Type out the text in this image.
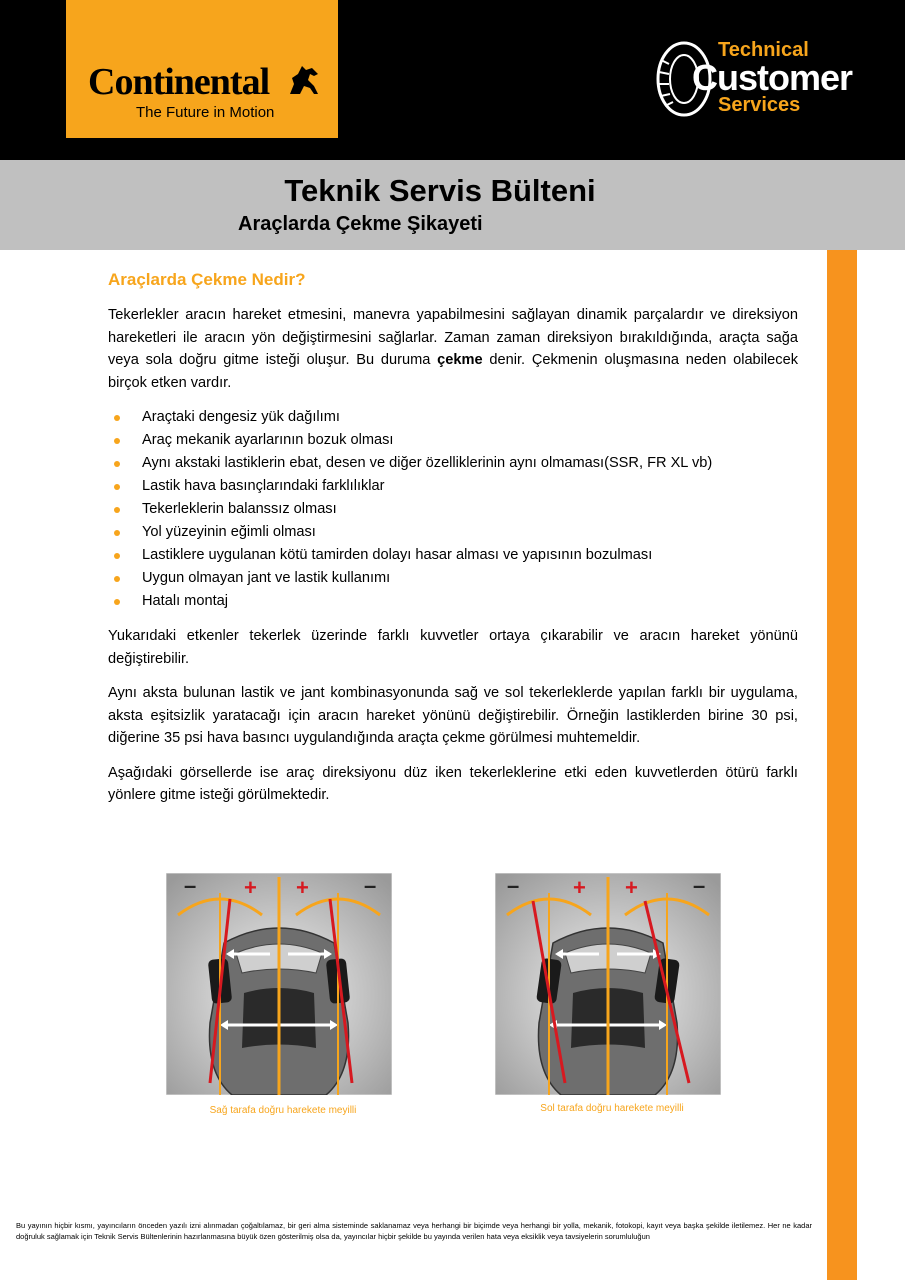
Continental
The Future in Motion
Technical
Customer
Services
Teknik Servis Bülteni
Araçlarda Çekme Şikayeti
Araçlarda Çekme Nedir?

Tekerlekler aracın hareket etmesini, manevra yapabilmesini sağlayan dinamik parçalardır ve direksiyon hareketleri ile aracın yön değiştirmesini sağlarlar. Zaman zaman direksiyon bırakıldığında, araçta sağa veya sola doğru gitme isteği oluşur. Bu duruma çekme denir. Çekmenin oluşmasına neden olabilecek birçok etken vardır.

Araçtaki dengesiz yük dağılımı
Araç mekanik ayarlarının bozuk olması
Aynı akstaki lastiklerin ebat, desen ve diğer özelliklerinin aynı olmaması(SSR, FR XL vb)
Lastik hava basınçlarındaki farklılıklar
Tekerleklerin balanssız olması
Yol yüzeyinin eğimli olması
Lastiklere uygulanan kötü tamirden dolayı hasar alması ve yapısının bozulması
Uygun olmayan jant ve lastik kullanımı
Hatalı montaj

Yukarıdaki etkenler tekerlek üzerinde farklı kuvvetler ortaya çıkarabilir ve aracın hareket yönünü değiştirebilir.

Aynı aksta bulunan lastik ve jant kombinasyonunda sağ ve sol tekerleklerde yapılan farklı bir uygulama, aksta eşitsizlik yaratacağı için aracın hareket yönünü değiştirebilir. Örneğin lastiklerden birine 30 psi, diğerine 35 psi hava basıncı uygulandığında araçta çekme görülmesi muhtemeldir.

Aşağıdaki görsellerde ise araç direksiyonu düz iken tekerleklerine etki eden kuvvetlerden ötürü farklı yönlere gitme isteği görülmektedir.

– + +	–
Sağ tarafa doğru harekete meyilli
– + +	–
Sol tarafa doğru harekete meyilli
Bu yayının hiçbir kısmı, yayıncıların önceden yazılı izni alınmadan çoğaltılamaz, bir geri alma sisteminde saklanamaz veya herhangi bir biçimde veya herhangi bir yolla, mekanik, fotokopi, kayıt veya başka şekilde iletilemez. Her ne kadar doğruluk sağlamak için Teknik Servis Bültenlerinin hazırlanmasına büyük özen gösterilmiş olsa da, yayıncılar hiçbir şekilde bu yayında verilen hata veya eksiklik veya tavsiyelerin sorumluluğun
